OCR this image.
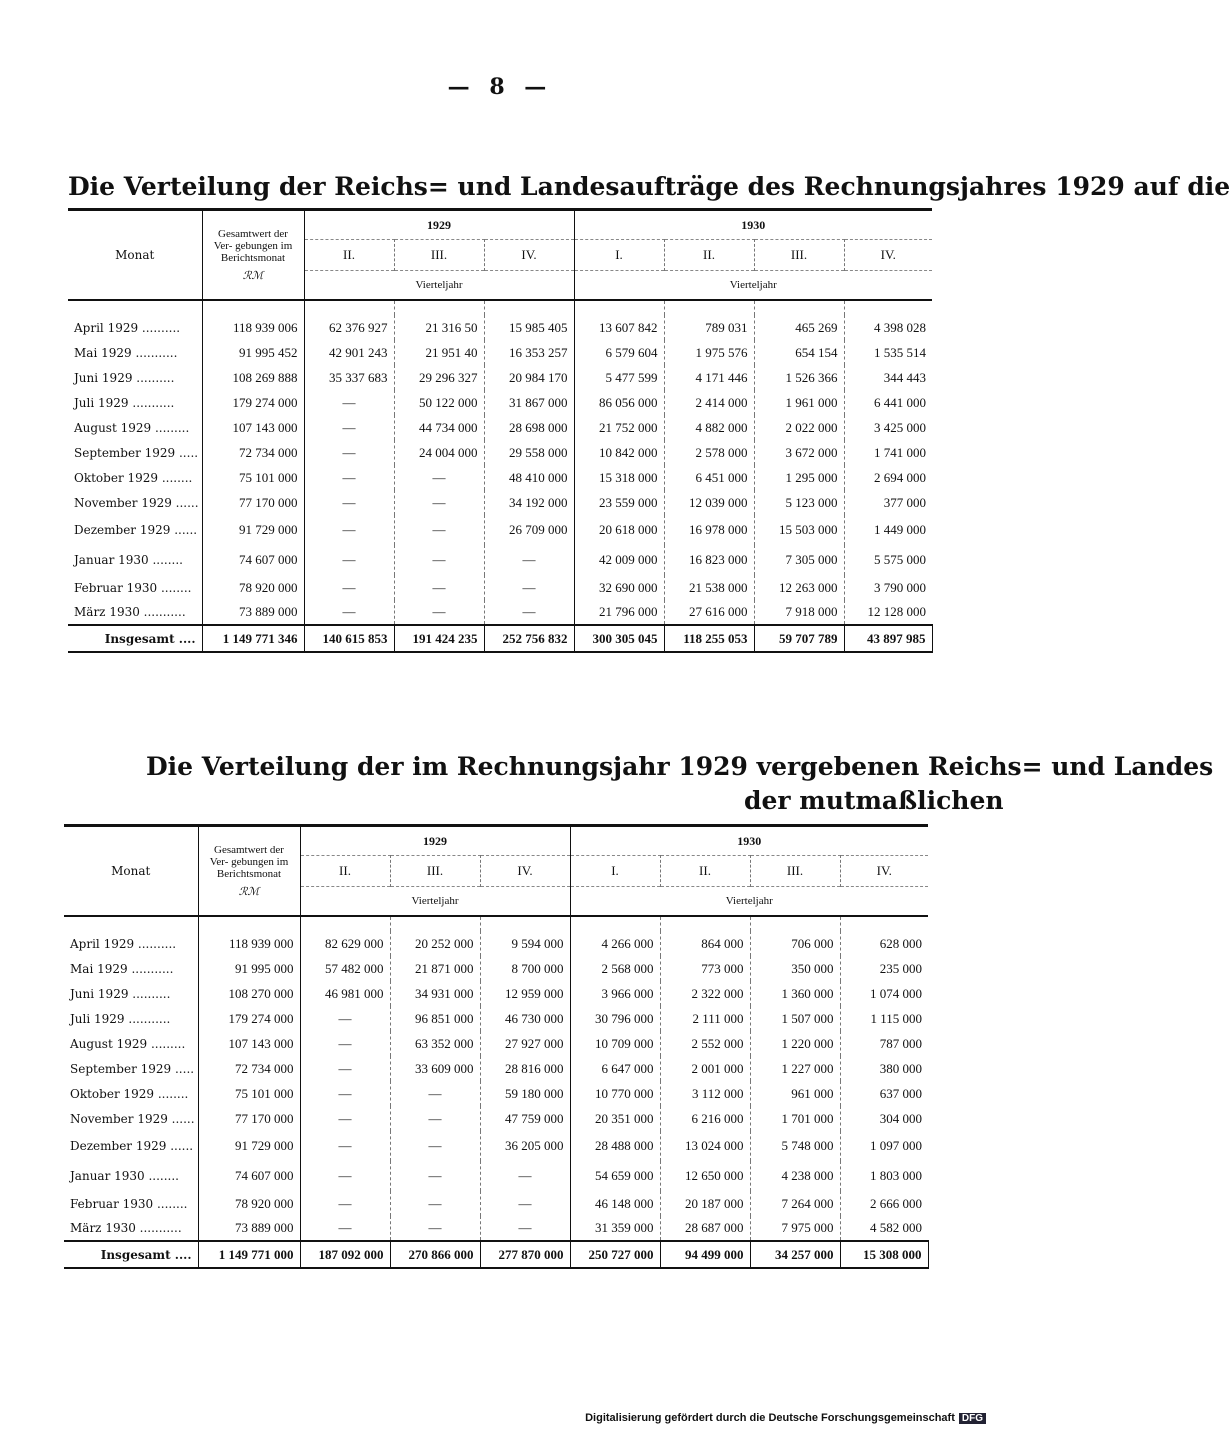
— 8 —
Die Verteilung der Reichs= und Landesaufträge des Rechnungsjahres 1929 auf die
Monat	Gesamtwert der Ver- gebungen im Berichtsmonat
ℛℳ	1929			1930			
		II.	III.	IV.	I.	II.	III.	IV.
		Vierteljahr			Vierteljahr			

April 1929 ..........	118 939 006	62 376 927	21 316 50	15 985 405	13 607 842	789 031	465 269	4 398 028
Mai 1929 ...........	91 995 452	42 901 243	21 951 40	16 353 257	6 579 604	1 975 576	654 154	1 535 514
Juni 1929 ..........	108 269 888	35 337 683	29 296 327	20 984 170	5 477 599	4 171 446	1 526 366	344 443
Juli 1929 ...........	179 274 000	—	50 122 000	31 867 000	86 056 000	2 414 000	1 961 000	6 441 000
August 1929 .........	107 143 000	—	44 734 000	28 698 000	21 752 000	4 882 000	2 022 000	3 425 000
September 1929 .....	72 734 000	—	24 004 000	29 558 000	10 842 000	2 578 000	3 672 000	1 741 000
Oktober 1929 ........	75 101 000	—	—	48 410 000	15 318 000	6 451 000	1 295 000	2 694 000
November 1929 ......	77 170 000	—	—	34 192 000	23 559 000	12 039 000	5 123 000	377 000
Dezember 1929 ......	91 729 000	—	—	26 709 000	20 618 000	16 978 000	15 503 000	1 449 000
Januar 1930 ........	74 607 000	—	—	—	42 009 000	16 823 000	7 305 000	5 575 000
Februar 1930 ........	78 920 000	—	—	—	32 690 000	21 538 000	12 263 000	3 790 000
März 1930 ...........	73 889 000	—	—	—	21 796 000	27 616 000	7 918 000	12 128 000
Insgesamt ....	1 149 771 346	140 615 853	191 424 235	252 756 832	300 305 045	118 255 053	59 707 789	43 897 985
Die Verteilung der im Rechnungsjahr 1929 vergebenen Reichs= und Landes
der mutmaßlichen
Monat	Gesamtwert der Ver- gebungen im Berichtsmonat
ℛℳ	1929			1930			
		II.	III.	IV.	I.	II.	III.	IV.
		Vierteljahr			Vierteljahr			

April 1929 ..........	118 939 000	82 629 000	20 252 000	9 594 000	4 266 000	864 000	706 000	628 000
Mai 1929 ...........	91 995 000	57 482 000	21 871 000	8 700 000	2 568 000	773 000	350 000	235 000
Juni 1929 ..........	108 270 000	46 981 000	34 931 000	12 959 000	3 966 000	2 322 000	1 360 000	1 074 000
Juli 1929 ...........	179 274 000	—	96 851 000	46 730 000	30 796 000	2 111 000	1 507 000	1 115 000
August 1929 .........	107 143 000	—	63 352 000	27 927 000	10 709 000	2 552 000	1 220 000	787 000
September 1929 .....	72 734 000	—	33 609 000	28 816 000	6 647 000	2 001 000	1 227 000	380 000
Oktober 1929 ........	75 101 000	—	—	59 180 000	10 770 000	3 112 000	961 000	637 000
November 1929 ......	77 170 000	—	—	47 759 000	20 351 000	6 216 000	1 701 000	304 000
Dezember 1929 ......	91 729 000	—	—	36 205 000	28 488 000	13 024 000	5 748 000	1 097 000
Januar 1930 ........	74 607 000	—	—	—	54 659 000	12 650 000	4 238 000	1 803 000
Februar 1930 ........	78 920 000	—	—	—	46 148 000	20 187 000	7 264 000	2 666 000
März 1930 ...........	73 889 000	—	—	—	31 359 000	28 687 000	7 975 000	4 582 000
Insgesamt ....	1 149 771 000	187 092 000	270 866 000	277 870 000	250 727 000	94 499 000	34 257 000	15 308 000
Digitalisierung gefördert durch die Deutsche Forschungsgemeinschaft DFG
